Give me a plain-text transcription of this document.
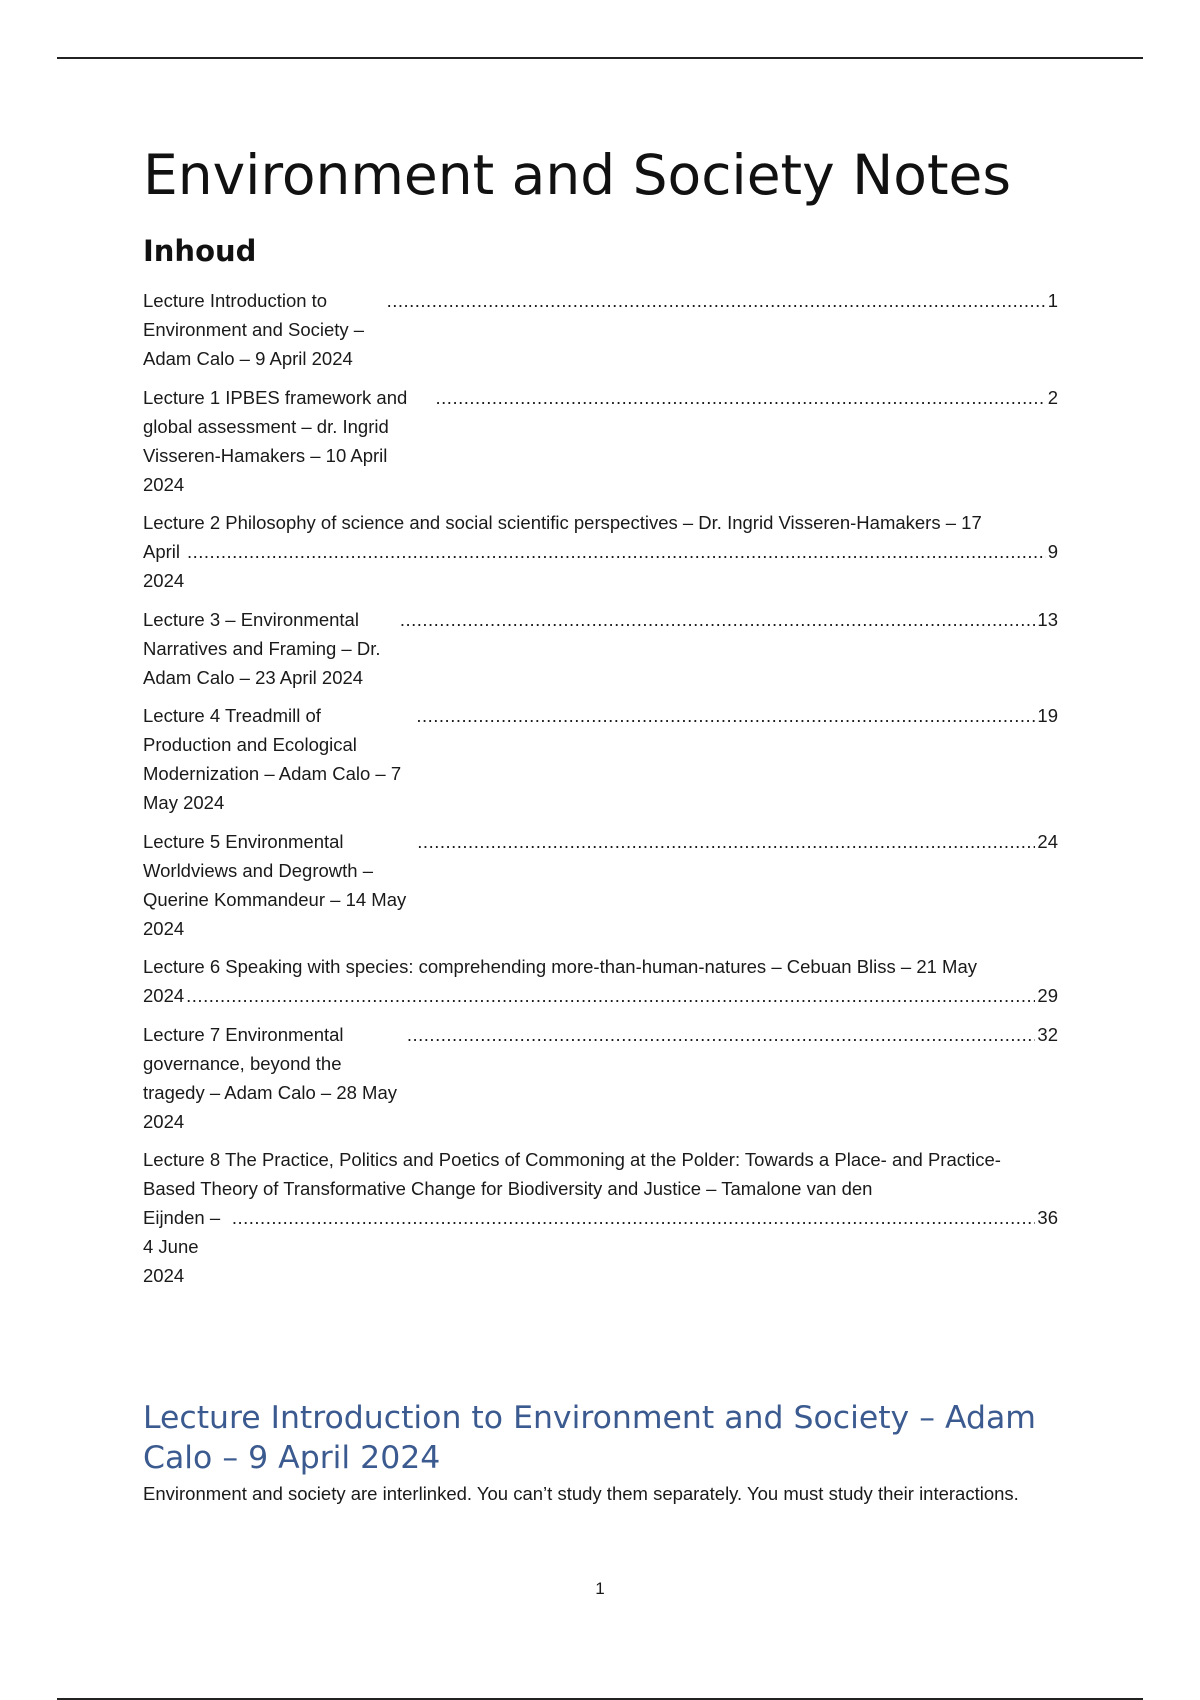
Environment and Society Notes
Inhoud
Lecture Introduction to Environment and Society – Adam Calo – 9 April 2024
.....
1
Lecture 1 IPBES framework and global assessment – dr. Ingrid Visseren-Hamakers – 10 April 2024
.....
2
Lecture 2 Philosophy of science and social scientific perspectives – Dr. Ingrid Visseren-Hamakers – 17
April 2024
.....
9
Lecture 3 – Environmental Narratives and Framing – Dr. Adam Calo – 23 April 2024
.....
13
Lecture 4 Treadmill of Production and Ecological Modernization – Adam Calo – 7 May 2024
.....
19
Lecture 5 Environmental Worldviews and Degrowth – Querine Kommandeur – 14 May 2024
.....
24
Lecture 6 Speaking with species: comprehending more-than-human-natures – Cebuan Bliss – 21 May
2024
.....	29
Lecture 7 Environmental governance, beyond the tragedy – Adam Calo – 28 May 2024
.....
32
Lecture 8 The Practice, Politics and Poetics of Commoning at the Polder: Towards a Place- and Practice-Based Theory of Transformative Change for Biodiversity and Justice – Tamalone van den
Eijnden – 4 June 2024
.....
36
Lecture Introduction to Environment and Society – Adam Calo – 9 April 2024

Environment and society are interlinked. You can’t study them separately. You must study their interactions.

1
